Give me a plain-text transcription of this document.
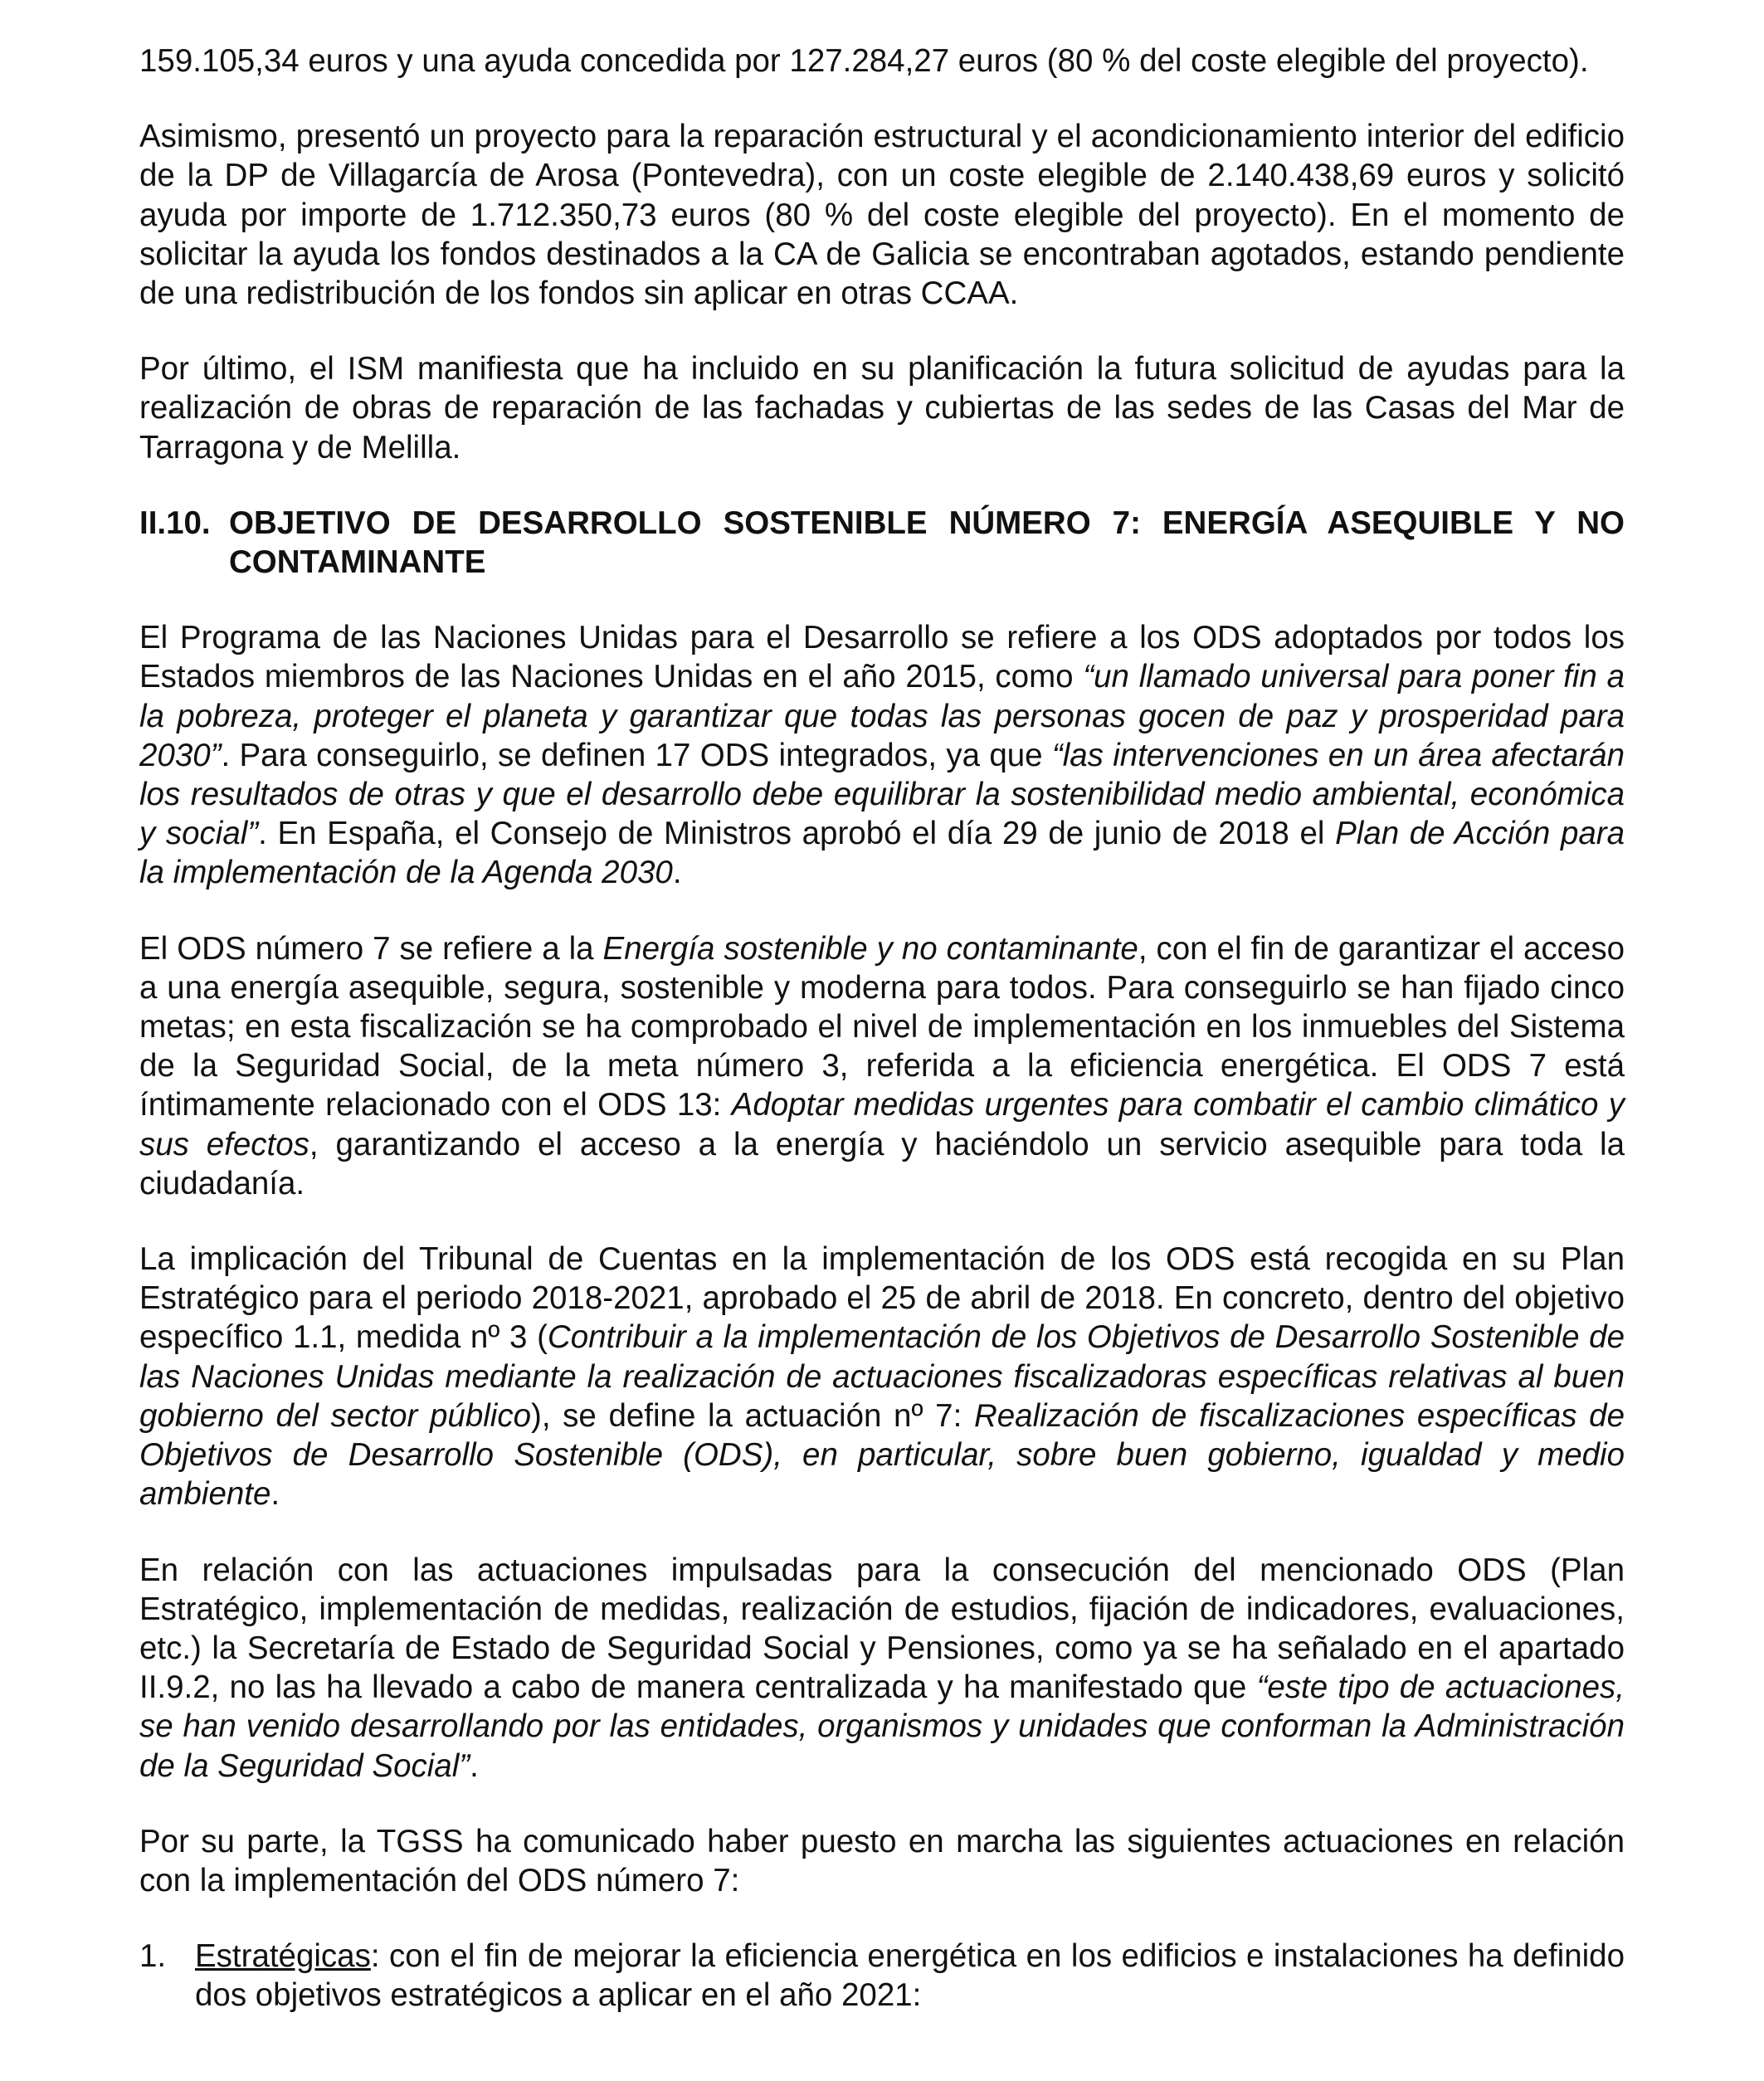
159.105,34 euros y una ayuda concedida por 127.284,27 euros (80 % del coste elegible del proyecto).

Asimismo, presentó un proyecto para la reparación estructural y el acondicionamiento interior del edificio de la DP de Villagarcía de Arosa (Pontevedra), con un coste elegible de 2.140.438,69 euros y solicitó ayuda por importe de 1.712.350,73 euros (80 % del coste elegible del proyecto). En el momento de solicitar la ayuda los fondos destinados a la CA de Galicia se encontraban agotados, estando pendiente de una redistribución de los fondos sin aplicar en otras CCAA.

Por último, el ISM manifiesta que ha incluido en su planificación la futura solicitud de ayudas para la realización de obras de reparación de las fachadas y cubiertas de las sedes de las Casas del Mar de Tarragona y de Melilla.

II.10. OBJETIVO DE DESARROLLO SOSTENIBLE NÚMERO 7: ENERGÍA ASEQUIBLE Y NO CONTAMINANTE

El Programa de las Naciones Unidas para el Desarrollo se refiere a los ODS adoptados por todos los Estados miembros de las Naciones Unidas en el año 2015, como “un llamado universal para poner fin a la pobreza, proteger el planeta y garantizar que todas las personas gocen de paz y prosperidad para 2030”. Para conseguirlo, se definen 17 ODS integrados, ya que “las intervenciones en un área afectarán los resultados de otras y que el desarrollo debe equilibrar la sostenibilidad medio ambiental, económica y social”. En España, el Consejo de Ministros aprobó el día 29 de junio de 2018 el Plan de Acción para la implementación de la Agenda 2030.

El ODS número 7 se refiere a la Energía sostenible y no contaminante, con el fin de garantizar el acceso a una energía asequible, segura, sostenible y moderna para todos. Para conseguirlo se han fijado cinco metas; en esta fiscalización se ha comprobado el nivel de implementación en los inmuebles del Sistema de la Seguridad Social, de la meta número 3, referida a la eficiencia energética. El ODS 7 está íntimamente relacionado con el ODS 13: Adoptar medidas urgentes para combatir el cambio climático y sus efectos, garantizando el acceso a la energía y haciéndolo un servicio asequible para toda la ciudadanía.

La implicación del Tribunal de Cuentas en la implementación de los ODS está recogida en su Plan Estratégico para el periodo 2018-2021, aprobado el 25 de abril de 2018. En concreto, dentro del objetivo específico 1.1, medida nº 3 (Contribuir a la implementación de los Objetivos de Desarrollo Sostenible de las Naciones Unidas mediante la realización de actuaciones fiscalizadoras específicas relativas al buen gobierno del sector público), se define la actuación nº 7: Realización de fiscalizaciones específicas de Objetivos de Desarrollo Sostenible (ODS), en particular, sobre buen gobierno, igualdad y medio ambiente.

En relación con las actuaciones impulsadas para la consecución del mencionado ODS (Plan Estratégico, implementación de medidas, realización de estudios, fijación de indicadores, evaluaciones, etc.) la Secretaría de Estado de Seguridad Social y Pensiones, como ya se ha señalado en el apartado II.9.2, no las ha llevado a cabo de manera centralizada y ha manifestado que “este tipo de actuaciones, se han venido desarrollando por las entidades, organismos y unidades que conforman la Administración de la Seguridad Social”.

Por su parte, la TGSS ha comunicado haber puesto en marcha las siguientes actuaciones en relación con la implementación del ODS número 7:

1. Estratégicas: con el fin de mejorar la eficiencia energética en los edificios e instalaciones ha definido dos objetivos estratégicos a aplicar en el año 2021:
